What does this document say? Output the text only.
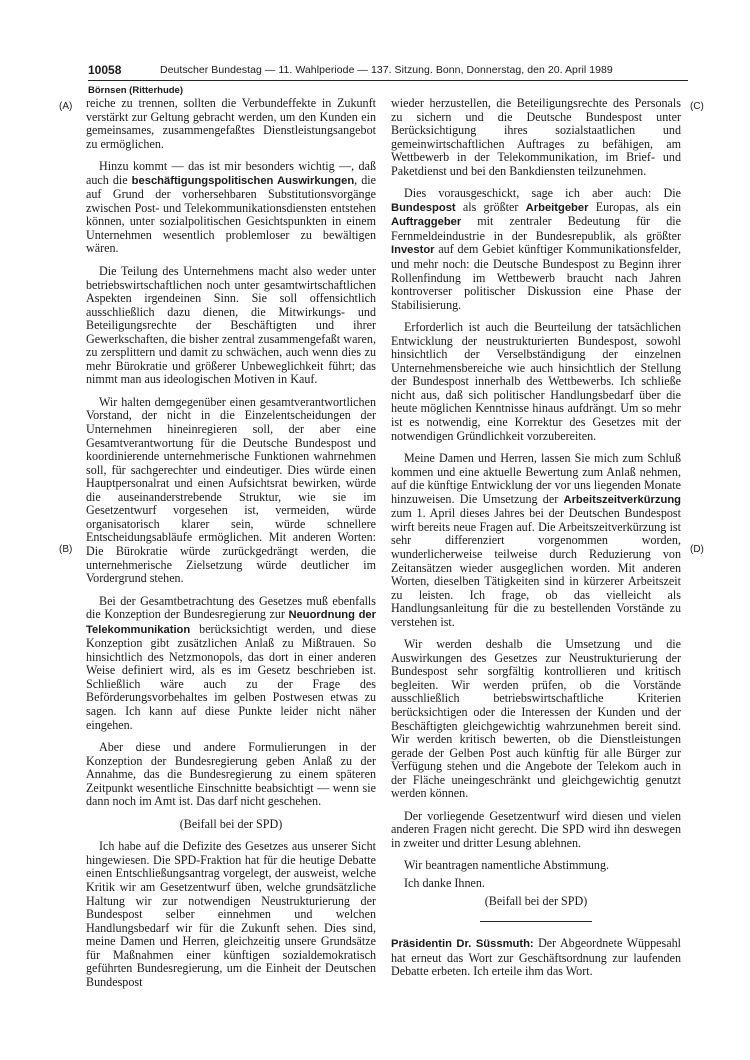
10058	Deutscher Bundestag — 11. Wahlperiode — 137. Sitzung. Bonn, Donnerstag, den 20. April 1989
Börnsen (Ritterhude)
(A)
(B)
(C)
(D)

reiche zu trennen, sollten die Verbundeffekte in Zukunft verstärkt zur Geltung gebracht werden, um den Kunden ein gemeinsames, zusammengefaßtes Dienstleistungsangebot zu ermöglichen.

Hinzu kommt — das ist mir besonders wichtig —, daß auch die beschäftigungspolitischen Auswirkungen, die auf Grund der vorhersehbaren Substitutionsvorgänge zwischen Post- und Telekommunikationsdiensten entstehen können, unter sozialpolitischen Gesichtspunkten in einem Unternehmen wesentlich problemloser zu bewältigen wären.

Die Teilung des Unternehmens macht also weder unter betriebswirtschaftlichen noch unter gesamtwirtschaftlichen Aspekten irgendeinen Sinn. Sie soll offensichtlich ausschließlich dazu dienen, die Mitwirkungs- und Beteiligungsrechte der Beschäftigten und ihrer Gewerkschaften, die bisher zentral zusammengefaßt waren, zu zersplittern und damit zu schwächen, auch wenn dies zu mehr Bürokratie und größerer Unbeweglichkeit führt; das nimmt man aus ideologischen Motiven in Kauf.

Wir halten demgegenüber einen gesamtverantwortlichen Vorstand, der nicht in die Einzelentscheidungen der Unternehmen hineinregieren soll, der aber eine Gesamtverantwortung für die Deutsche Bundespost und koordinierende unternehmerische Funktionen wahrnehmen soll, für sachgerechter und eindeutiger. Dies würde einen Hauptpersonalrat und einen Aufsichtsrat bewirken, würde die auseinanderstrebende Struktur, wie sie im Gesetzentwurf vorgesehen ist, vermeiden, würde organisatorisch klarer sein, würde schnellere Entscheidungsabläufe ermöglichen. Mit anderen Worten: Die Bürokratie würde zurückgedrängt werden, die unternehmerische Zielsetzung würde deutlicher im Vordergrund stehen.

Bei der Gesamtbetrachtung des Gesetzes muß ebenfalls die Konzeption der Bundesregierung zur Neuordnung der Telekommunikation berücksichtigt werden, und diese Konzeption gibt zusätzlichen Anlaß zu Mißtrauen. So hinsichtlich des Netzmonopols, das dort in einer anderen Weise definiert wird, als es im Gesetz beschrieben ist. Schließlich wäre auch zu der Frage des Beförderungsvorbehaltes im gelben Postwesen etwas zu sagen. Ich kann auf diese Punkte leider nicht näher eingehen.

Aber diese und andere Formulierungen in der Konzeption der Bundesregierung geben Anlaß zu der Annahme, das die Bundesregierung zu einem späteren Zeitpunkt wesentliche Einschnitte beabsichtigt — wenn sie dann noch im Amt ist. Das darf nicht geschehen.

(Beifall bei der SPD)

Ich habe auf die Defizite des Gesetzes aus unserer Sicht hingewiesen. Die SPD-Fraktion hat für die heutige Debatte einen Entschließungsantrag vorgelegt, der ausweist, welche Kritik wir am Gesetzentwurf üben, welche grundsätzliche Haltung wir zur notwendigen Neustrukturierung der Bundespost selber einnehmen und welchen Handlungsbedarf wir für die Zukunft sehen. Dies sind, meine Damen und Herren, gleichzeitig unsere Grundsätze für Maßnahmen einer künftigen sozialdemokratisch geführten Bundesregierung, um die Einheit der Deutschen Bundespost

wieder herzustellen, die Beteiligungsrechte des Personals zu sichern und die Deutsche Bundespost unter Berücksichtigung ihres sozialstaatlichen und gemeinwirtschaftlichen Auftrages zu befähigen, am Wettbewerb in der Telekommunikation, im Brief- und Paketdienst und bei den Bankdiensten teilzunehmen.

Dies vorausgeschickt, sage ich aber auch: Die Bundespost als größter Arbeitgeber Europas, als ein Auftraggeber mit zentraler Bedeutung für die Fernmeldeindustrie in der Bundesrepublik, als größter Investor auf dem Gebiet künftiger Kommunikationsfelder, und mehr noch: die Deutsche Bundespost zu Beginn ihrer Rollenfindung im Wettbewerb braucht nach Jahren kontroverser politischer Diskussion eine Phase der Stabilisierung.

Erforderlich ist auch die Beurteilung der tatsächlichen Entwicklung der neustrukturierten Bundespost, sowohl hinsichtlich der Verselbständigung der einzelnen Unternehmensbereiche wie auch hinsichtlich der Stellung der Bundespost innerhalb des Wettbewerbs. Ich schließe nicht aus, daß sich politischer Handlungsbedarf über die heute möglichen Kenntnisse hinaus aufdrängt. Um so mehr ist es notwendig, eine Korrektur des Gesetzes mit der notwendigen Gründlichkeit vorzubereiten.

Meine Damen und Herren, lassen Sie mich zum Schluß kommen und eine aktuelle Bewertung zum Anlaß nehmen, auf die künftige Entwicklung der vor uns liegenden Monate hinzuweisen. Die Umsetzung der Arbeitszeitverkürzung zum 1. April dieses Jahres bei der Deutschen Bundespost wirft bereits neue Fragen auf. Die Arbeitszeitverkürzung ist sehr differenziert vorgenommen worden, wunderlicherweise teilweise durch Reduzierung von Zeitansätzen wieder ausgeglichen worden. Mit anderen Worten, dieselben Tätigkeiten sind in kürzerer Arbeitszeit zu leisten. Ich frage, ob das vielleicht als Handlungsanleitung für die zu bestellenden Vorstände zu verstehen ist.

Wir werden deshalb die Umsetzung und die Auswirkungen des Gesetzes zur Neustrukturierung der Bundespost sehr sorgfältig kontrollieren und kritisch begleiten. Wir werden prüfen, ob die Vorstände ausschließlich betriebswirtschaftliche Kriterien berücksichtigen oder die Interessen der Kunden und der Beschäftigten gleichgewichtig wahrzunehmen bereit sind. Wir werden kritisch bewerten, ob die Dienstleistungen gerade der Gelben Post auch künftig für alle Bürger zur Verfügung stehen und die Angebote der Telekom auch in der Fläche uneingeschränkt und gleichgewichtig genutzt werden können.

Der vorliegende Gesetzentwurf wird diesen und vielen anderen Fragen nicht gerecht. Die SPD wird ihn deswegen in zweiter und dritter Lesung ablehnen.

Wir beantragen namentliche Abstimmung.

Ich danke Ihnen.

(Beifall bei der SPD)

Präsidentin Dr. Süssmuth: Der Abgeordnete Wüppesahl hat erneut das Wort zur Geschäftsordnung zur laufenden Debatte erbeten. Ich erteile ihm das Wort.
